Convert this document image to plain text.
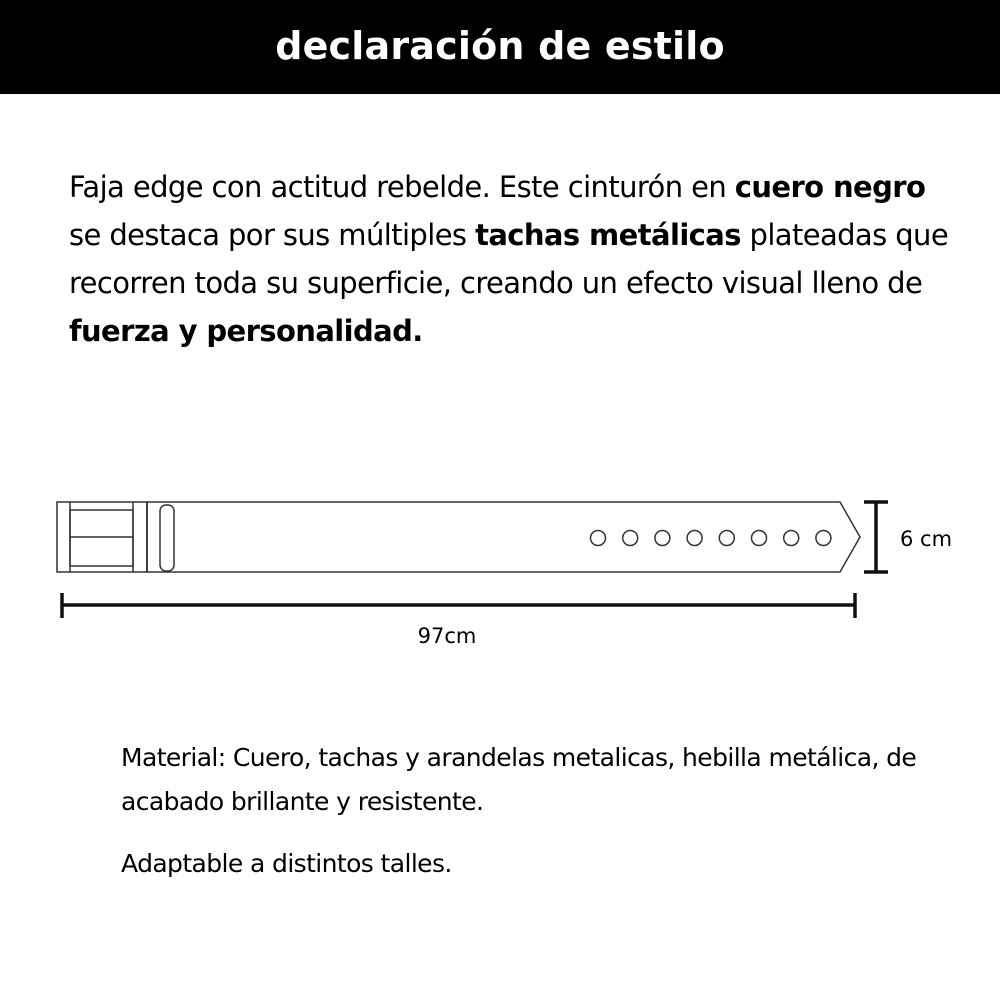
declaración de estilo

Faja edge con actitud rebelde. Este cinturón en cuero negro se destaca por sus múltiples tachas metálicas plateadas que recorren toda su superficie, creando un efecto visual lleno de fuerza y personalidad.

6 cm
97cm

Material: Cuero, tachas y arandelas metalicas, hebilla metálica, de acabado brillante y resistente.

Adaptable a distintos talles.
